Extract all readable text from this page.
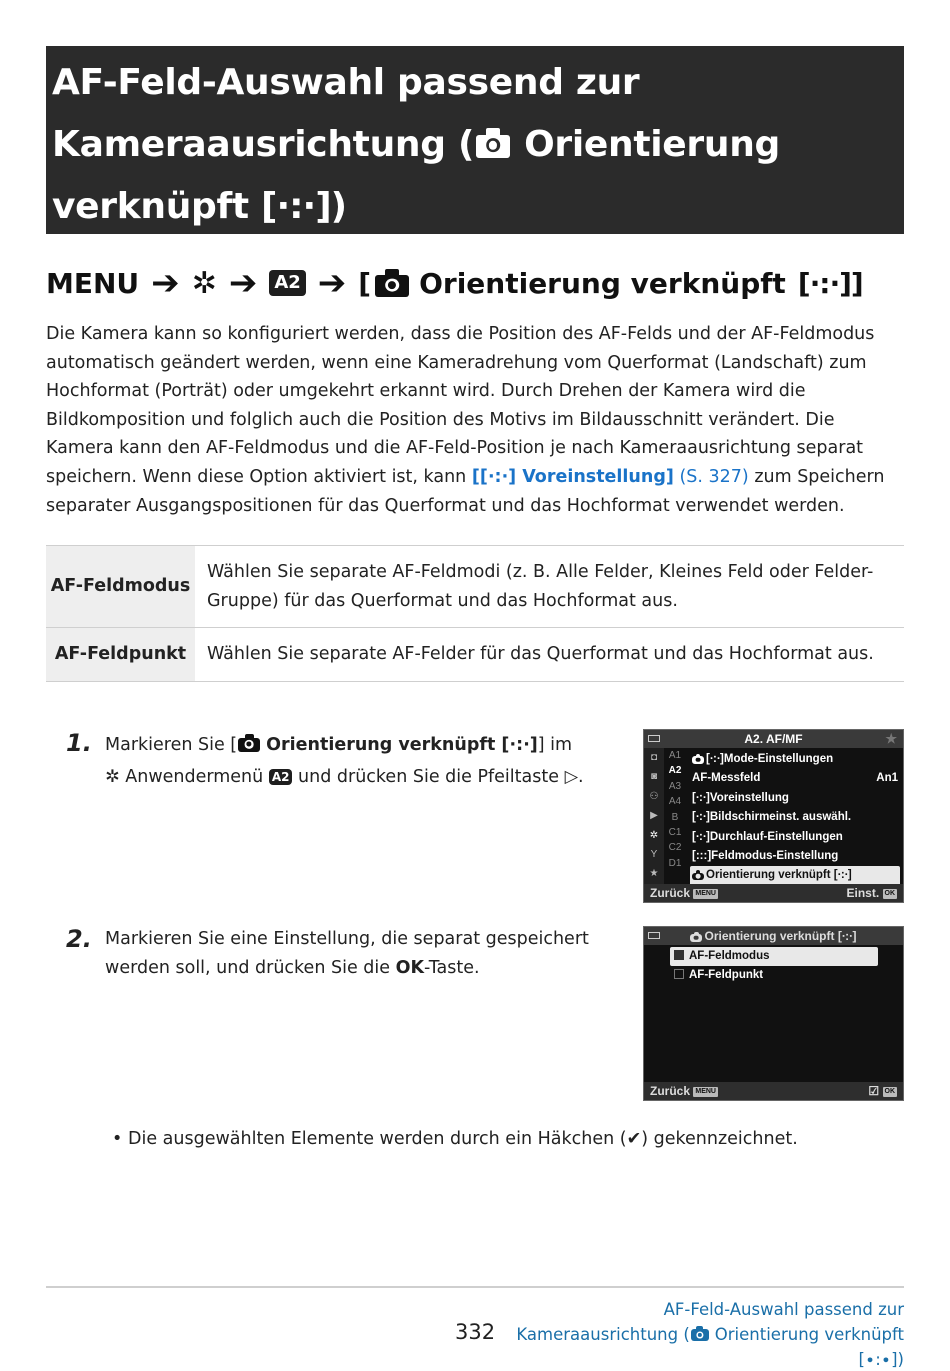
AF-Feld-Auswahl passend zur
Kameraausrichtung ( Orientierung
verknüpft [∙:∙])
MENU ➔ ✲ ➔ A2 ➔ [ Orientierung verknüpft [∙:∙] ]
Die Kamera kann so konfiguriert werden, dass die Position des AF-Felds und der AF-Feldmodus automatisch geändert werden, wenn eine Kameradrehung vom Querformat (Landschaft) zum Hochformat (Porträt) oder umgekehrt erkannt wird. Durch Drehen der Kamera wird die Bildkomposition und folglich auch die Position des Motivs im Bildausschnitt verändert. Die Kamera kann den AF-Feldmodus und die AF-Feld-Position je nach Kameraausrichtung separat speichern. Wenn diese Option aktiviert ist, kann [[∙:∙] Voreinstellung] (S. 327) zum Speichern separater Ausgangspositionen für das Querformat und das Hochformat verwendet werden.
AF-Feldmodus	Wählen Sie separate AF-Feldmodi (z. B. Alle Felder, Kleines Feld oder Felder-Gruppe) für das Querformat und das Hochformat aus.
AF-Feldpunkt	Wählen Sie separate AF-Felder für das Querformat und das Hochformat aus.
1. Markieren Sie [ Orientierung verknüpft [∙:∙]] im
✲ Anwendermenü A2 und drücken Sie die Pfeiltaste ▷.
A2. AF/MF	★
◘
◙
⚇
▶
✲
Y
★
A1
A2
A3
A4
B
C1
C2
D1
[∙:∙]Mode-Einstellungen
AF-Messfeld	An1
[∙:∙]Voreinstellung
[∙:∙]Bildschirmeinst. auswähl.
[∙:∙]Durchlauf-Einstellungen
[:::]Feldmodus-Einstellung
Orientierung verknüpft [∙:∙]
Zurück MENU	Einst. OK
2. Markieren Sie eine Einstellung, die separat gespeichert werden soll, und drücken Sie die OK-Taste.
Orientierung verknüpft [∙:∙]
AF-Feldmodus
AF-Feldpunkt
Zurück MENU	☑ OK
• Die ausgewählten Elemente werden durch ein Häkchen (✔) gekennzeichnet.
332
AF-Feld-Auswahl passend zur
Kameraausrichtung ( Orientierung verknüpft
[∙:∙])
